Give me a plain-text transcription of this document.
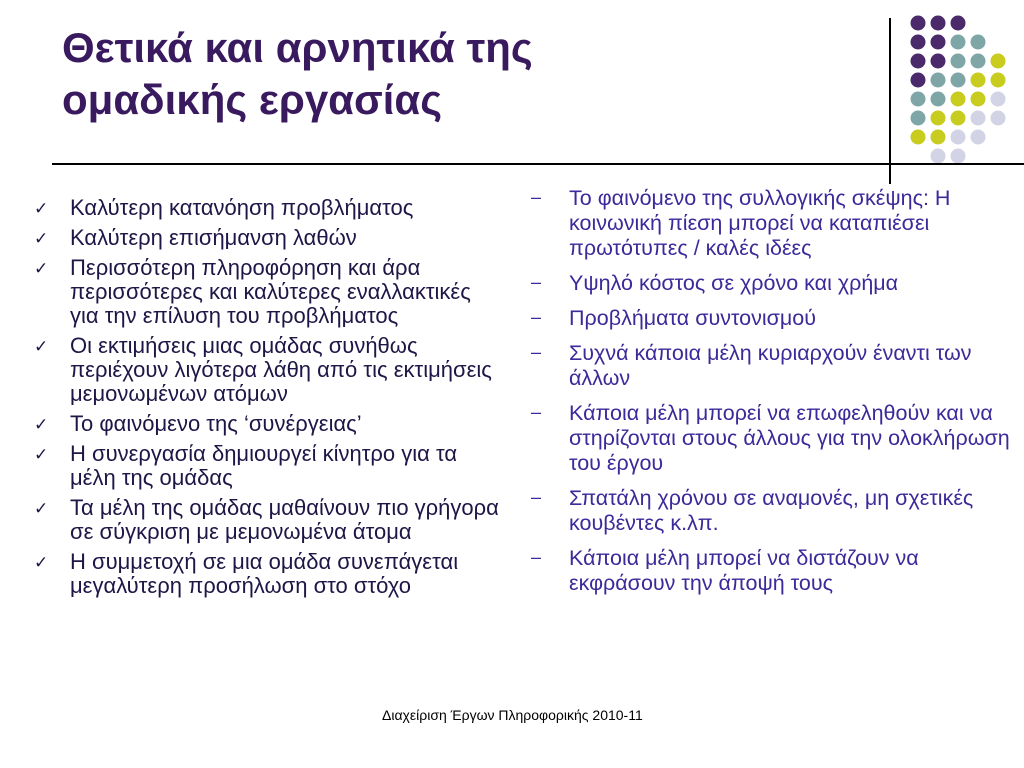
Θετικά και αρνητικά της
ομαδικής εργασίας
✓ Καλύτερη κατανόηση προβλήματος
✓ Καλύτερη επισήμανση λαθών
✓ Περισσότερη πληροφόρηση και άρα περισσότερες και καλύτερες εναλλακτικές για την επίλυση του προβλήματος
✓ Οι εκτιμήσεις μιας ομάδας συνήθως περιέχουν λιγότερα λάθη από τις εκτιμήσεις μεμονωμένων ατόμων
✓ Το φαινόμενο της ‘συνέργειας’
✓ Η συνεργασία δημιουργεί κίνητρο για τα μέλη της ομάδας
✓ Τα μέλη της ομάδας μαθαίνουν πιο γρήγορα σε σύγκριση με μεμονωμένα άτομα
✓ Η συμμετοχή σε μια ομάδα συνεπάγεται μεγαλύτερη προσήλωση στο στόχο
– Το φαινόμενο της συλλογικής σκέψης: Η κοινωνική πίεση μπορεί να καταπιέσει πρωτότυπες / καλές ιδέες
– Υψηλό κόστος σε χρόνο και χρήμα
– Προβλήματα συντονισμού
– Συχνά κάποια μέλη κυριαρχούν έναντι των άλλων
– Κάποια μέλη μπορεί να επωφεληθούν και να στηρίζονται στους άλλους για την ολοκλήρωση του έργου
– Σπατάλη χρόνου σε αναμονές, μη σχετικές κουβέντες κ.λπ.
– Κάποια μέλη μπορεί να διστάζουν να εκφράσουν την άποψή τους
Διαχείριση Έργων Πληροφορικής 2010-11
